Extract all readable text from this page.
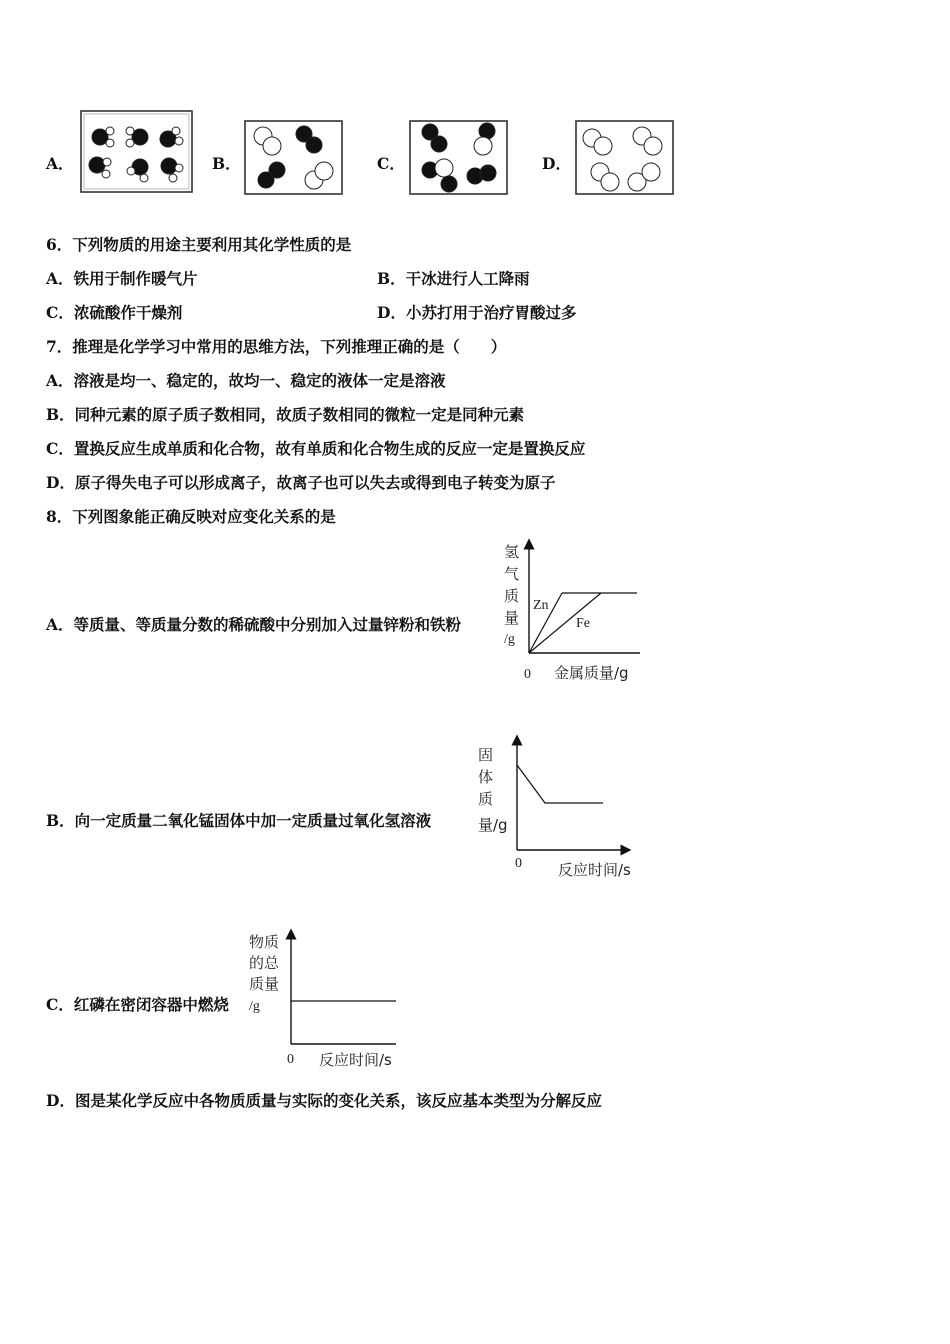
A．	B．	C．	D．
6．下列物质的用途主要利用其化学性质的是
A．铁用于制作暖气片	B．干冰进行人工降雨
C．浓硫酸作干燥剂	D．小苏打用于治疗胃酸过多
7．推理是化学学习中常用的思维方法，下列推理正确的是（　　）
A．溶液是均一、稳定的，故均一、稳定的液体一定是溶液
B．同种元素的原子质子数相同，故质子数相同的微粒一定是同种元素
C．置换反应生成单质和化合物，故有单质和化合物生成的反应一定是置换反应
D．原子得失电子可以形成离子，故离子也可以失去或得到电子转变为原子
8．下列图象能正确反映对应变化关系的是
A．等质量、等质量分数的稀硫酸中分别加入过量锌粉和铁粉
氢
气
质
量
/g
Zn
Fe
0 金属质量/g
B．向一定质量二氧化锰固体中加一定质量过氧化氢溶液
固
体
质
量/g
0 反应时间/s
C．红磷在密闭容器中燃烧
物质
的总
质量
/g
0 反应时间/s
D．图是某化学反应中各物质质量与实际的变化关系，该反应基本类型为分解反应
